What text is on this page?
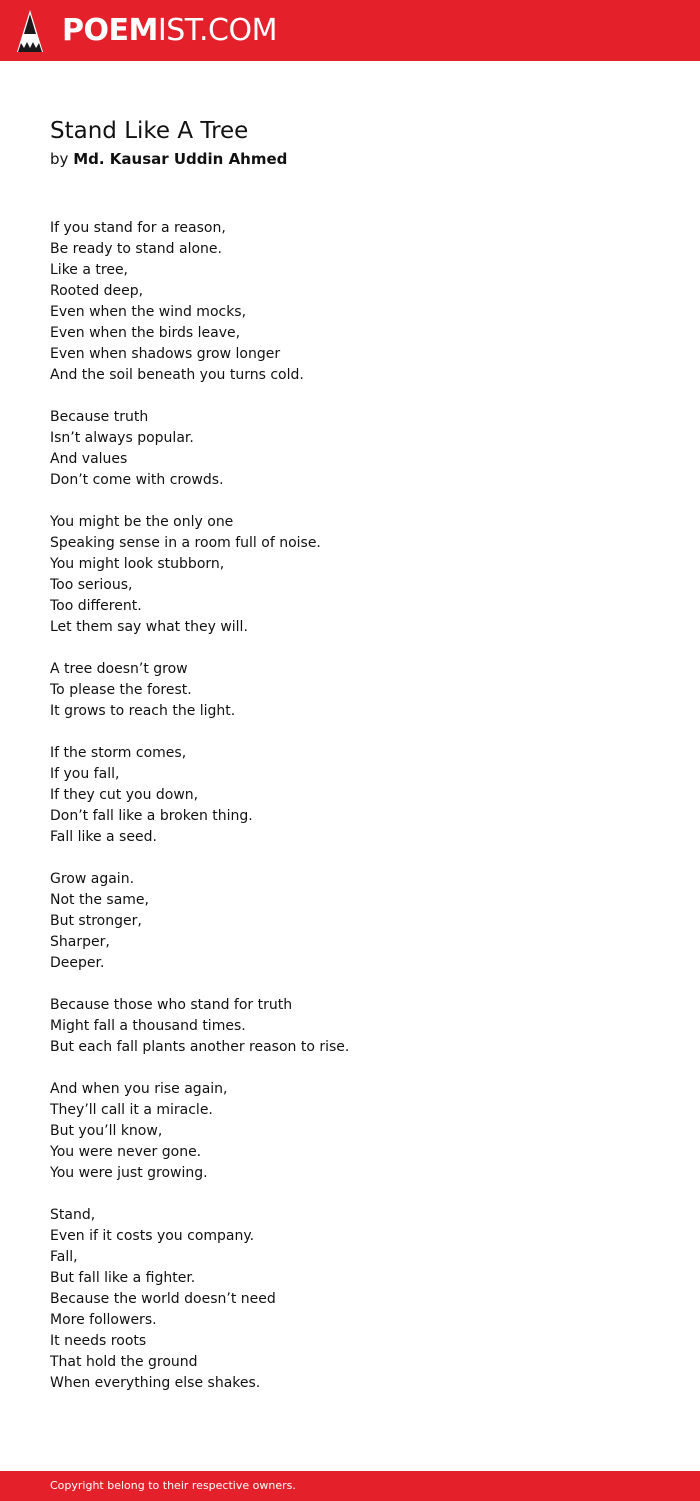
POEMIST.COM
Stand Like A Tree
by Md. Kausar Uddin Ahmed
If you stand for a reason,
Be ready to stand alone.
Like a tree,
Rooted deep,
Even when the wind mocks,
Even when the birds leave,
Even when shadows grow longer
And the soil beneath you turns cold.
Because truth
Isn’t always popular.
And values
Don’t come with crowds.
You might be the only one
Speaking sense in a room full of noise.
You might look stubborn,
Too serious,
Too different.
Let them say what they will.
A tree doesn’t grow
To please the forest.
It grows to reach the light.
If the storm comes,
If you fall,
If they cut you down,
Don’t fall like a broken thing.
Fall like a seed.
Grow again.
Not the same,
But stronger,
Sharper,
Deeper.
Because those who stand for truth
Might fall a thousand times.
But each fall plants another reason to rise.
And when you rise again,
They’ll call it a miracle.
But you’ll know,
You were never gone.
You were just growing.
Stand,
Even if it costs you company.
Fall,
But fall like a fighter.
Because the world doesn’t need
More followers.
It needs roots
That hold the ground
When everything else shakes.
Copyright belong to their respective owners.
